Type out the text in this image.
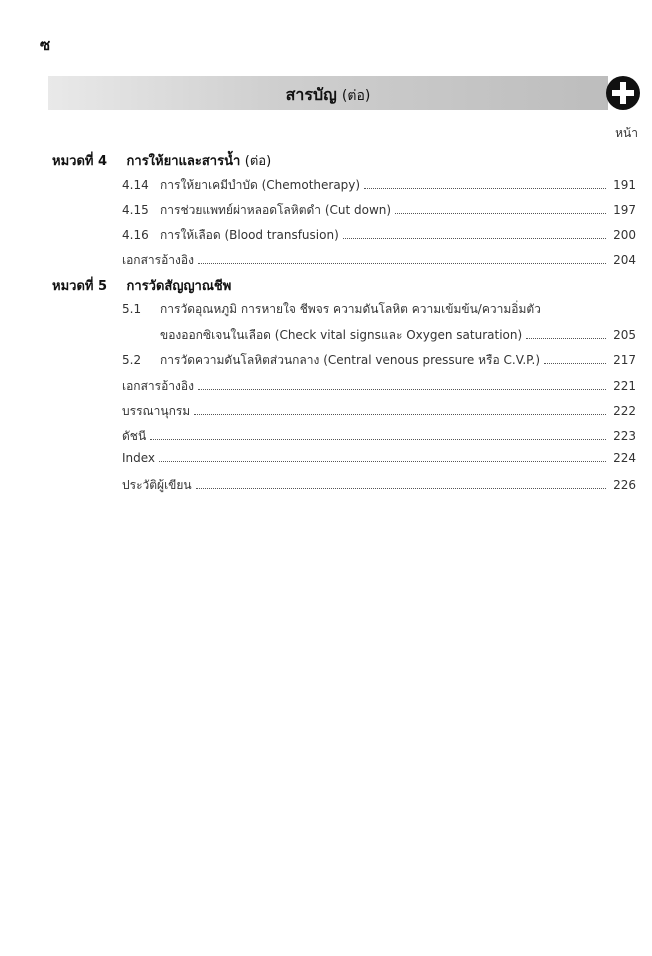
ซ
สารบัญ (ต่อ)
หน้า
หมวดที่ 4 การให้ยาและสารน้ำ (ต่อ)
4.14 การให้ยาเคมีบำบัด (Chemotherapy)	191
4.15 การช่วยแพทย์ผ่าหลอดโลหิตดำ (Cut down)	197
4.16 การให้เลือด (Blood transfusion)	200
เอกสารอ้างอิง	204
หมวดที่ 5 การวัดสัญญาณชีพ
5.1	การวัดอุณหภูมิ การหายใจ ชีพจร ความดันโลหิต ความเข้มข้น/ความอิ่มตัว
ของออกซิเจนในเลือด (Check vital signsและ Oxygen saturation)	205
5.2	การวัดความดันโลหิตส่วนกลาง (Central venous pressure หรือ C.V.P.)	217
เอกสารอ้างอิง	221
บรรณานุกรม	222
ดัชนี	223
Index	224
ประวัติผู้เขียน	226
